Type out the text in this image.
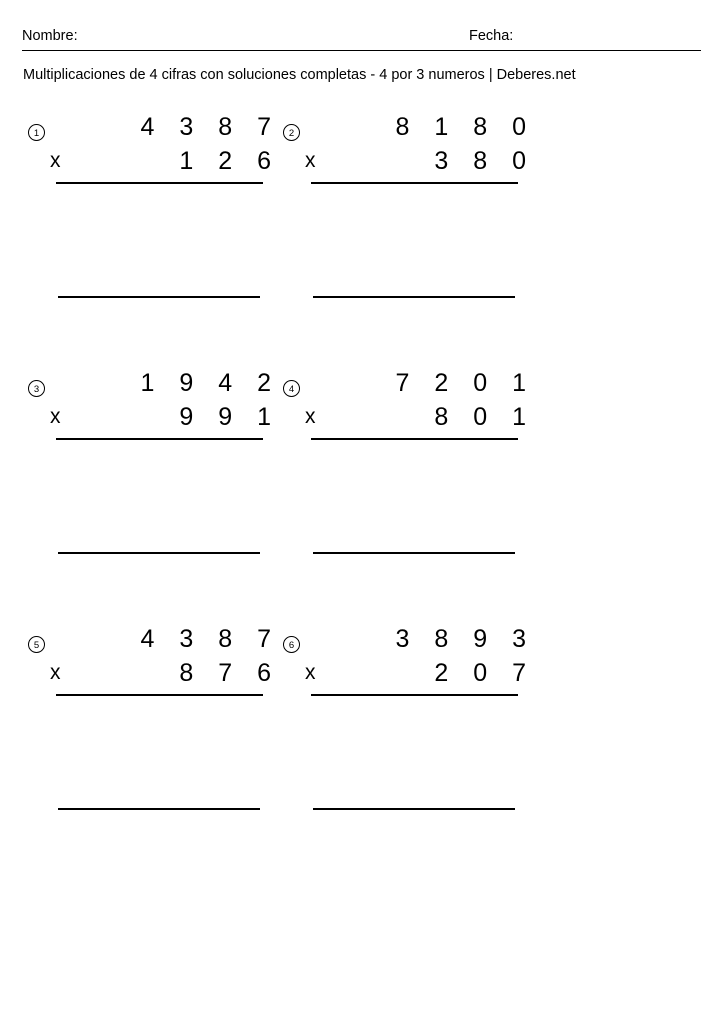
Nombre:	Fecha:
Multiplicaciones de 4 cifras con soluciones completas - 4 por 3 numeros | Deberes.net
1	4 3 8 7
x	1 2 6
2	8 1 8 0
x	3 8 0
3	1 9 4 2
x	9 9 1
4	7 2 0 1
x	8 0 1
5	4 3 8 7
x	8 7 6
6	3 8 9 3
x	2 0 7
